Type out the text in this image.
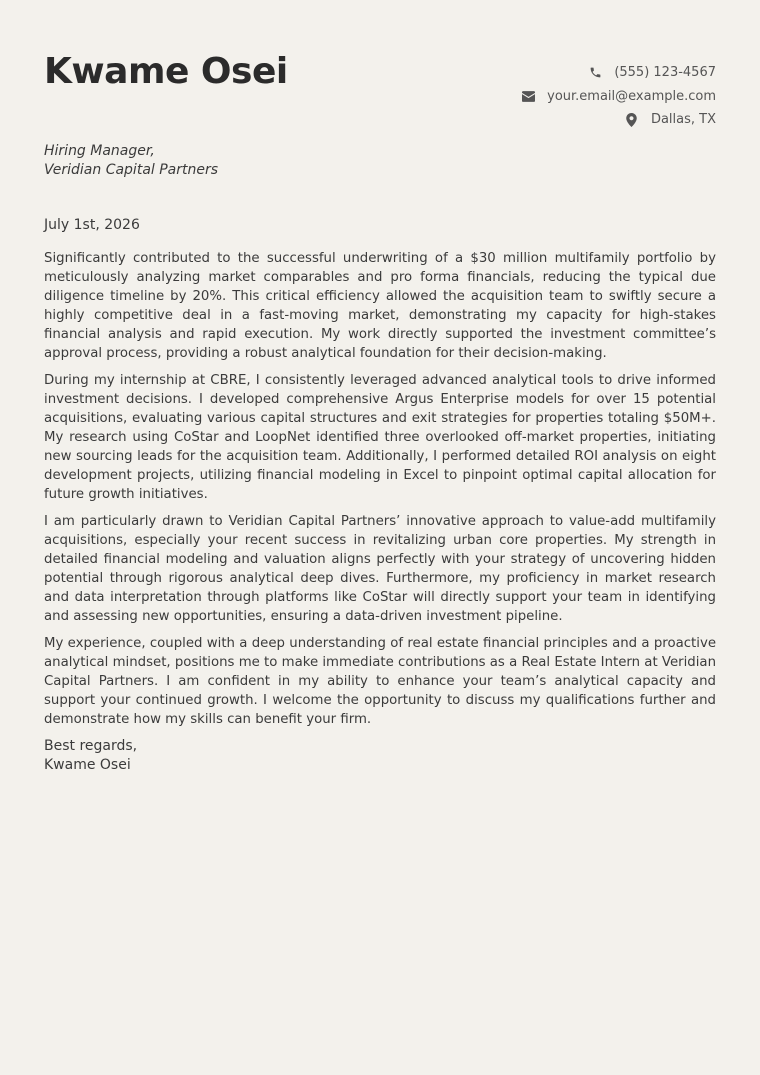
Kwame Osei	(555) 123-4567
your.email@example.com
Dallas, TX
Hiring Manager,
Veridian Capital Partners
July 1st, 2026

Significantly contributed to the successful underwriting of a $30 million multifamily portfolio by meticulously analyzing market comparables and pro forma financials, reducing the typical due diligence timeline by 20%. This critical efficiency allowed the acquisition team to swiftly secure a highly competitive deal in a fast-moving market, demonstrating my capacity for high-stakes financial analysis and rapid execution. My work directly supported the investment committee’s approval process, providing a robust analytical foundation for their decision-making.

During my internship at CBRE, I consistently leveraged advanced analytical tools to drive informed investment decisions. I developed comprehensive Argus Enterprise models for over 15 potential acquisitions, evaluating various capital structures and exit strategies for properties totaling $50M+. My research using CoStar and LoopNet identified three overlooked off-market properties, initiating new sourcing leads for the acquisition team. Additionally, I performed detailed ROI analysis on eight development projects, utilizing financial modeling in Excel to pinpoint optimal capital allocation for future growth initiatives.

I am particularly drawn to Veridian Capital Partners’ innovative approach to value-add multifamily acquisitions, especially your recent success in revitalizing urban core properties. My strength in detailed financial modeling and valuation aligns perfectly with your strategy of uncovering hidden potential through rigorous analytical deep dives. Furthermore, my proficiency in market research and data interpretation through platforms like CoStar will directly support your team in identifying and assessing new opportunities, ensuring a data-driven investment pipeline.

My experience, coupled with a deep understanding of real estate financial principles and a proactive analytical mindset, positions me to make immediate contributions as a Real Estate Intern at Veridian Capital Partners. I am confident in my ability to enhance your team’s analytical capacity and support your continued growth. I welcome the opportunity to discuss my qualifications further and demonstrate how my skills can benefit your firm.

Best regards,
Kwame Osei
